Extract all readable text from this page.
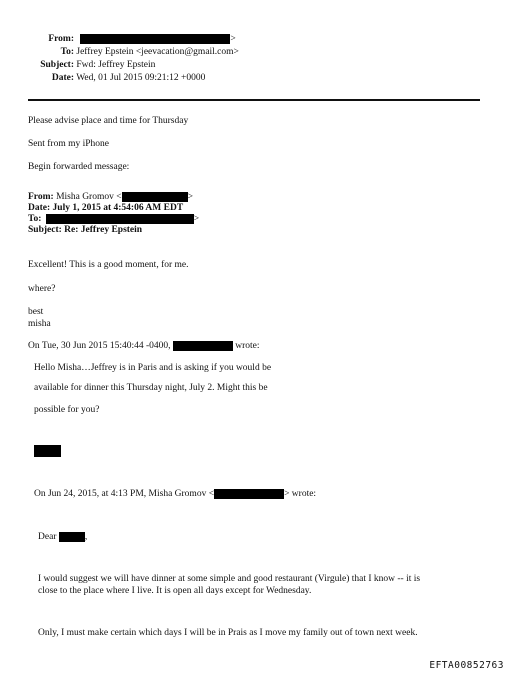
From:	>
To: Jeffrey Epstein <jeevacation@gmail.com>
Subject: Fwd: Jeffrey Epstein
Date: Wed, 01 Jul 2015 09:21:12 +0000
Please advise place and time for Thursday
Sent from my iPhone
Begin forwarded message:
From: Misha Gromov <	>
Date: July 1, 2015 at 4:54:06 AM EDT
To:	>
Subject: Re: Jeffrey Epstein
Excellent! This is a good moment, for me.
where?
best
misha
On Tue, 30 Jun 2015 15:40:44 -0400,	wrote:
Hello Misha…Jeffrey is in Paris and is asking if you would be
available for dinner this Thursday night, July 2. Might this be
possible for you?
On Jun 24, 2015, at 4:13 PM, Misha Gromov <	> wrote:
Dear	,
I would suggest we will have dinner at some simple and good restaurant (Virgule) that I know -- it is
close to the place where I live. It is open all days except for Wednesday.
Only, I must make certain which days I will be in Prais as I move my family out of town next week.
EFTA00852763
